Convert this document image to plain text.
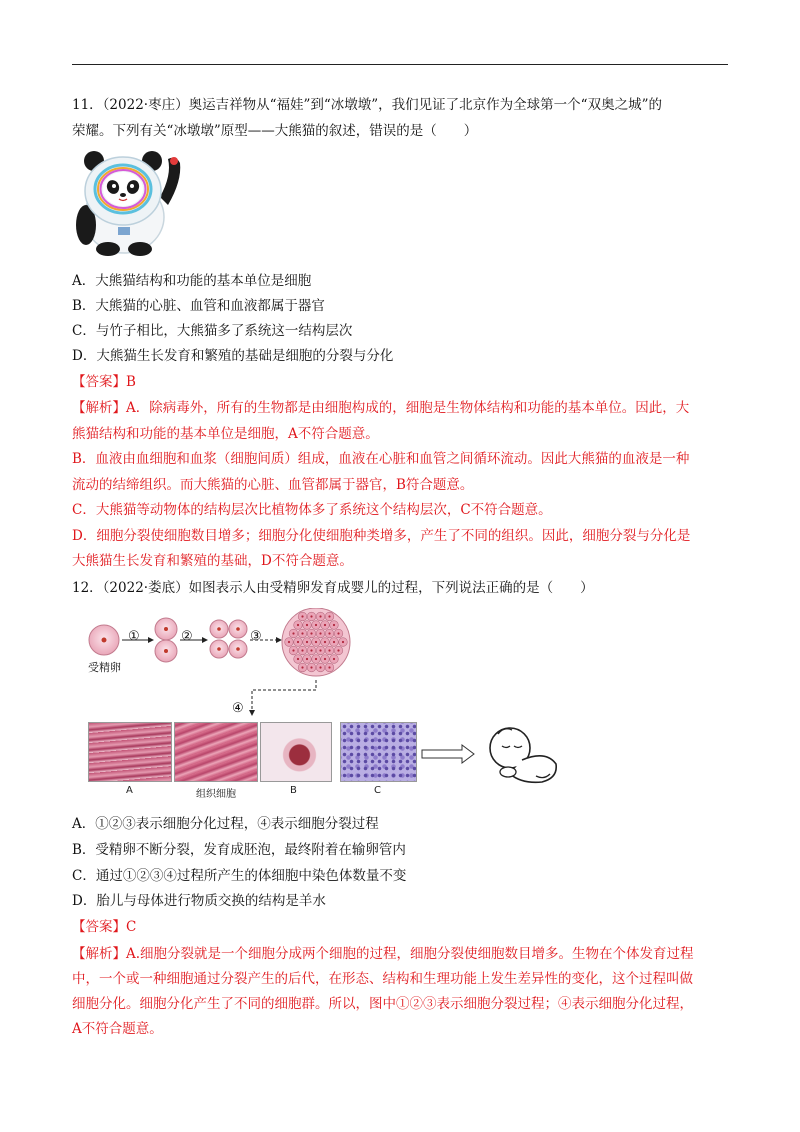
11．（2022·枣庄）奥运吉祥物从“福娃”到“冰墩墩”，我们见证了北京作为全球第一个“双奥之城”的
荣耀。下列有关“冰墩墩”原型——大熊猫的叙述，错误的是（　　）
A．大熊猫结构和功能的基本单位是细胞
B．大熊猫的心脏、血管和血液都属于器官
C．与竹子相比，大熊猫多了系统这一结构层次
D．大熊猫生长发育和繁殖的基础是细胞的分裂与分化
【答案】B
【解析】A．除病毒外，所有的生物都是由细胞构成的，细胞是生物体结构和功能的基本单位。因此，大
熊猫结构和功能的基本单位是细胞，A不符合题意。
B．血液由血细胞和血浆（细胞间质）组成，血液在心脏和血管之间循环流动。因此大熊猫的血液是一种
流动的结缔组织。而大熊猫的心脏、血管都属于器官，B符合题意。
C．大熊猫等动物体的结构层次比植物体多了系统这个结构层次，C不符合题意。
D．细胞分裂使细胞数目增多；细胞分化使细胞种类增多，产生了不同的组织。因此，细胞分裂与分化是
大熊猫生长发育和繁殖的基础，D不符合题意。
12．（2022·娄底）如图表示人由受精卵发育成婴儿的过程，下列说法正确的是（　　）
①	②	③
④
受精卵
A	组织细胞	B	C
A．①②③表示细胞分化过程，④表示细胞分裂过程
B．受精卵不断分裂，发育成胚泡，最终附着在输卵管内
C．通过①②③④过程所产生的体细胞中染色体数量不变
D．胎儿与母体进行物质交换的结构是羊水
【答案】C
【解析】A.细胞分裂就是一个细胞分成两个细胞的过程，细胞分裂使细胞数目增多。生物在个体发育过程
中，一个或一种细胞通过分裂产生的后代，在形态、结构和生理功能上发生差异性的变化，这个过程叫做
细胞分化。细胞分化产生了不同的细胞群。所以，图中①②③表示细胞分裂过程；④表示细胞分化过程，
A不符合题意。
